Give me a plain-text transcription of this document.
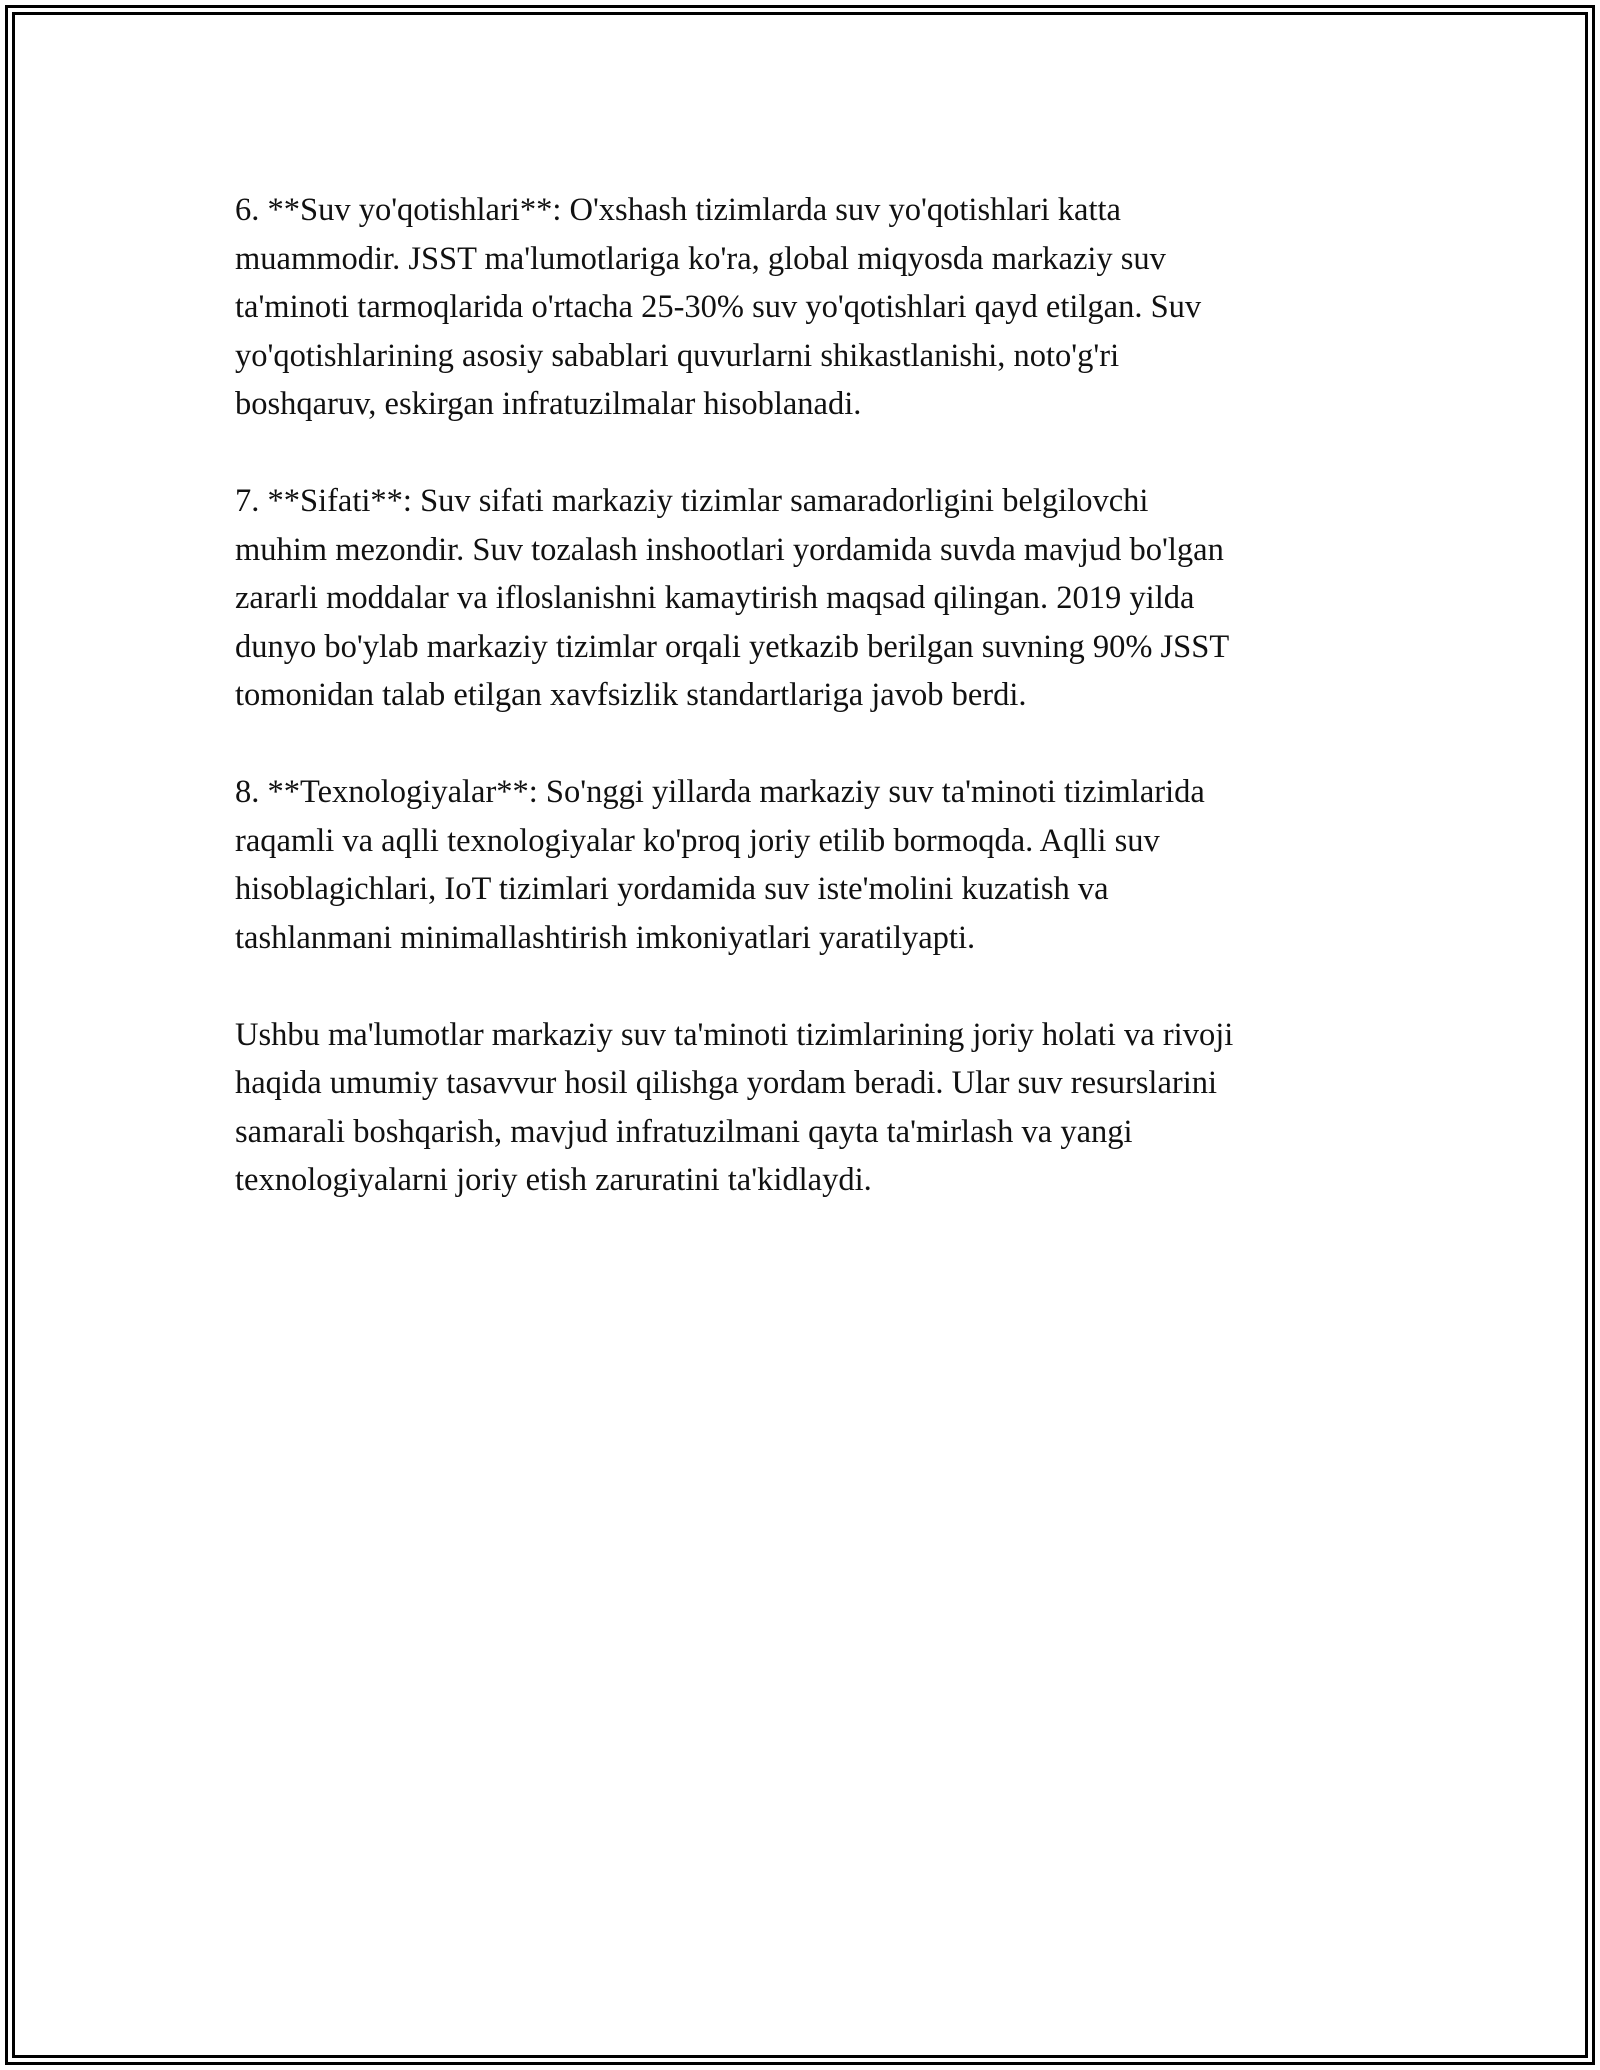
6. **Suv yo'qotishlari**: O'xshash tizimlarda suv yo'qotishlari katta
muammodir. JSST ma'lumotlariga ko'ra, global miqyosda markaziy suv
ta'minoti tarmoqlarida o'rtacha 25-30% suv yo'qotishlari qayd etilgan. Suv
yo'qotishlarining asosiy sabablari quvurlarni shikastlanishi, noto'g'ri
boshqaruv, eskirgan infratuzilmalar hisoblanadi.

7. **Sifati**: Suv sifati markaziy tizimlar samaradorligini belgilovchi
muhim mezondir. Suv tozalash inshootlari yordamida suvda mavjud bo'lgan
zararli moddalar va ifloslanishni kamaytirish maqsad qilingan. 2019 yilda
dunyo bo'ylab markaziy tizimlar orqali yetkazib berilgan suvning 90% JSST
tomonidan talab etilgan xavfsizlik standartlariga javob berdi.

8. **Texnologiyalar**: So'nggi yillarda markaziy suv ta'minoti tizimlarida
raqamli va aqlli texnologiyalar ko'proq joriy etilib bormoqda. Aqlli suv
hisoblagichlari, IoT tizimlari yordamida suv iste'molini kuzatish va
tashlanmani minimallashtirish imkoniyatlari yaratilyapti.

Ushbu ma'lumotlar markaziy suv ta'minoti tizimlarining joriy holati va rivoji
haqida umumiy tasavvur hosil qilishga yordam beradi. Ular suv resurslarini
samarali boshqarish, mavjud infratuzilmani qayta ta'mirlash va yangi
texnologiyalarni joriy etish zaruratini ta'kidlaydi.
